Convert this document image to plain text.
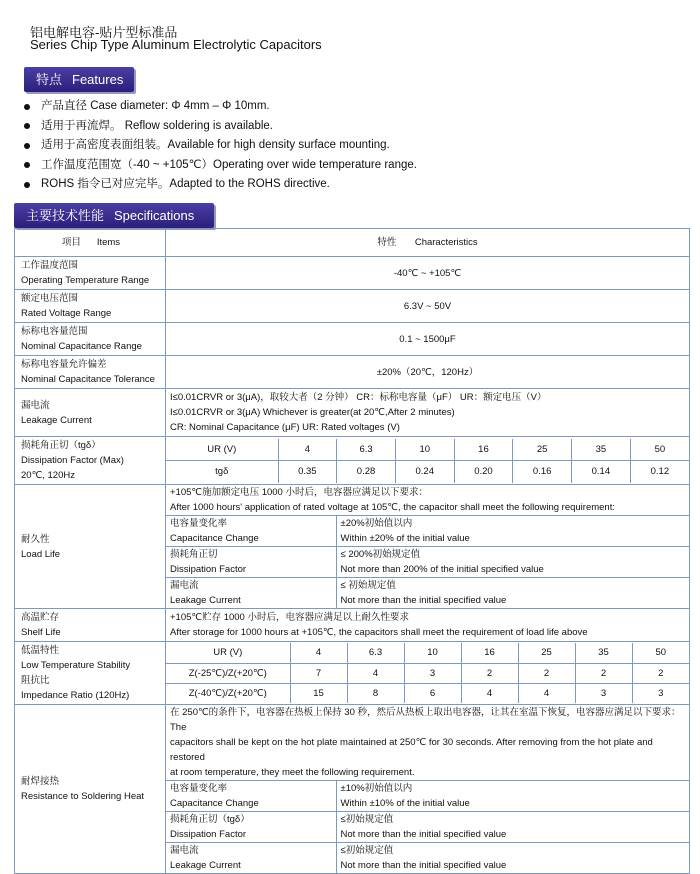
铝电解电容-贴片型标准品
Series Chip Type Aluminum Electrolytic Capacitors
特点 Features
产品直径 Case diameter: Φ 4mm – Φ 10mm.
适用于再流焊。 Reflow soldering is available.
适用于高密度表面组装。Available for high density surface mounting.
工作温度范围宽（-40 ~ +105℃）Operating over wide temperature range.
ROHS 指令已对应完毕。Adapted to the ROHS directive.
主要技术性能 Specifications
项目 Items	特性 Characteristics

工作温度范围
Operating Temperature Range
	-40℃ ~ +105℃

额定电压范围
Rated Voltage Range
	6.3V ~ 50V

标称电容量范围
Nominal Capacitance Range
	0.1 ~ 1500μF

标称电容量允许偏差
Nominal Capacitance Tolerance
	±20%（20℃，120Hz）

漏电流
Leakage Current

I≤0.01CRVR or 3(μA)，取较大者（2 分钟） CR：标称电容量（μF） UR：额定电压（V）
I≤0.01CRVR or 3(μA) Whichever is greater(at 20℃,After 2 minutes)
CR: Nominal Capacitance (μF) UR: Rated voltages (V)

损耗角正切（tgδ）
Dissipation Factor (Max)
20℃, 120Hz

UR (V)	4	6.3	10	16	25	35	50
tgδ	0.35	0.28	0.24	0.20	0.16	0.14	0.12

耐久性
Load Life

+105℃施加额定电压 1000 小时后，电容器应满足以下要求：
After 1000 hours' application of rated voltage at 105℃, the capacitor shall meet the following requirement:
电容量变化率
Capacitance Change

±20%初始值以内
Within ±20% of the initial value

损耗角正切
Dissipation Factor

≤ 200%初始规定值
Not more than 200% of the initial specified value

漏电流
Leakage Current

≤ 初始规定值
Not more than the initial specified value

高温贮存
Shelf Life

+105℃贮存 1000 小时后，电容器应满足以上耐久性要求
After storage for 1000 hours at +105℃, the capacitors shall meet the requirement of load life above

低温特性
Low Temperature Stability
阻抗比
Impedance Ratio (120Hz)

UR (V)	4	6.3	10	16	25	35	50
Z(-25℃)/Z(+20℃)	7	4	3	2	2	2	2
Z(-40℃)/Z(+20℃)	15	8	6	4	4	3	3

耐焊接热
Resistance to Soldering Heat

在 250℃的条件下，电容器在热板上保持 30 秒，然后从热板上取出电容器，让其在室温下恢复，电容器应满足以下要求：The
capacitors shall be kept on the hot plate maintained at 250℃ for 30 seconds. After removing from the hot plate and restored
at room temperature, they meet the following requirement.
电容量变化率
Capacitance Change

±10%初始值以内
Within ±10% of the initial value

损耗角正切（tgδ）
Dissipation Factor

≤初始规定值
Not more than the initial specified value

漏电流
Leakage Current

≤初始规定值
Not more than the initial specified value
